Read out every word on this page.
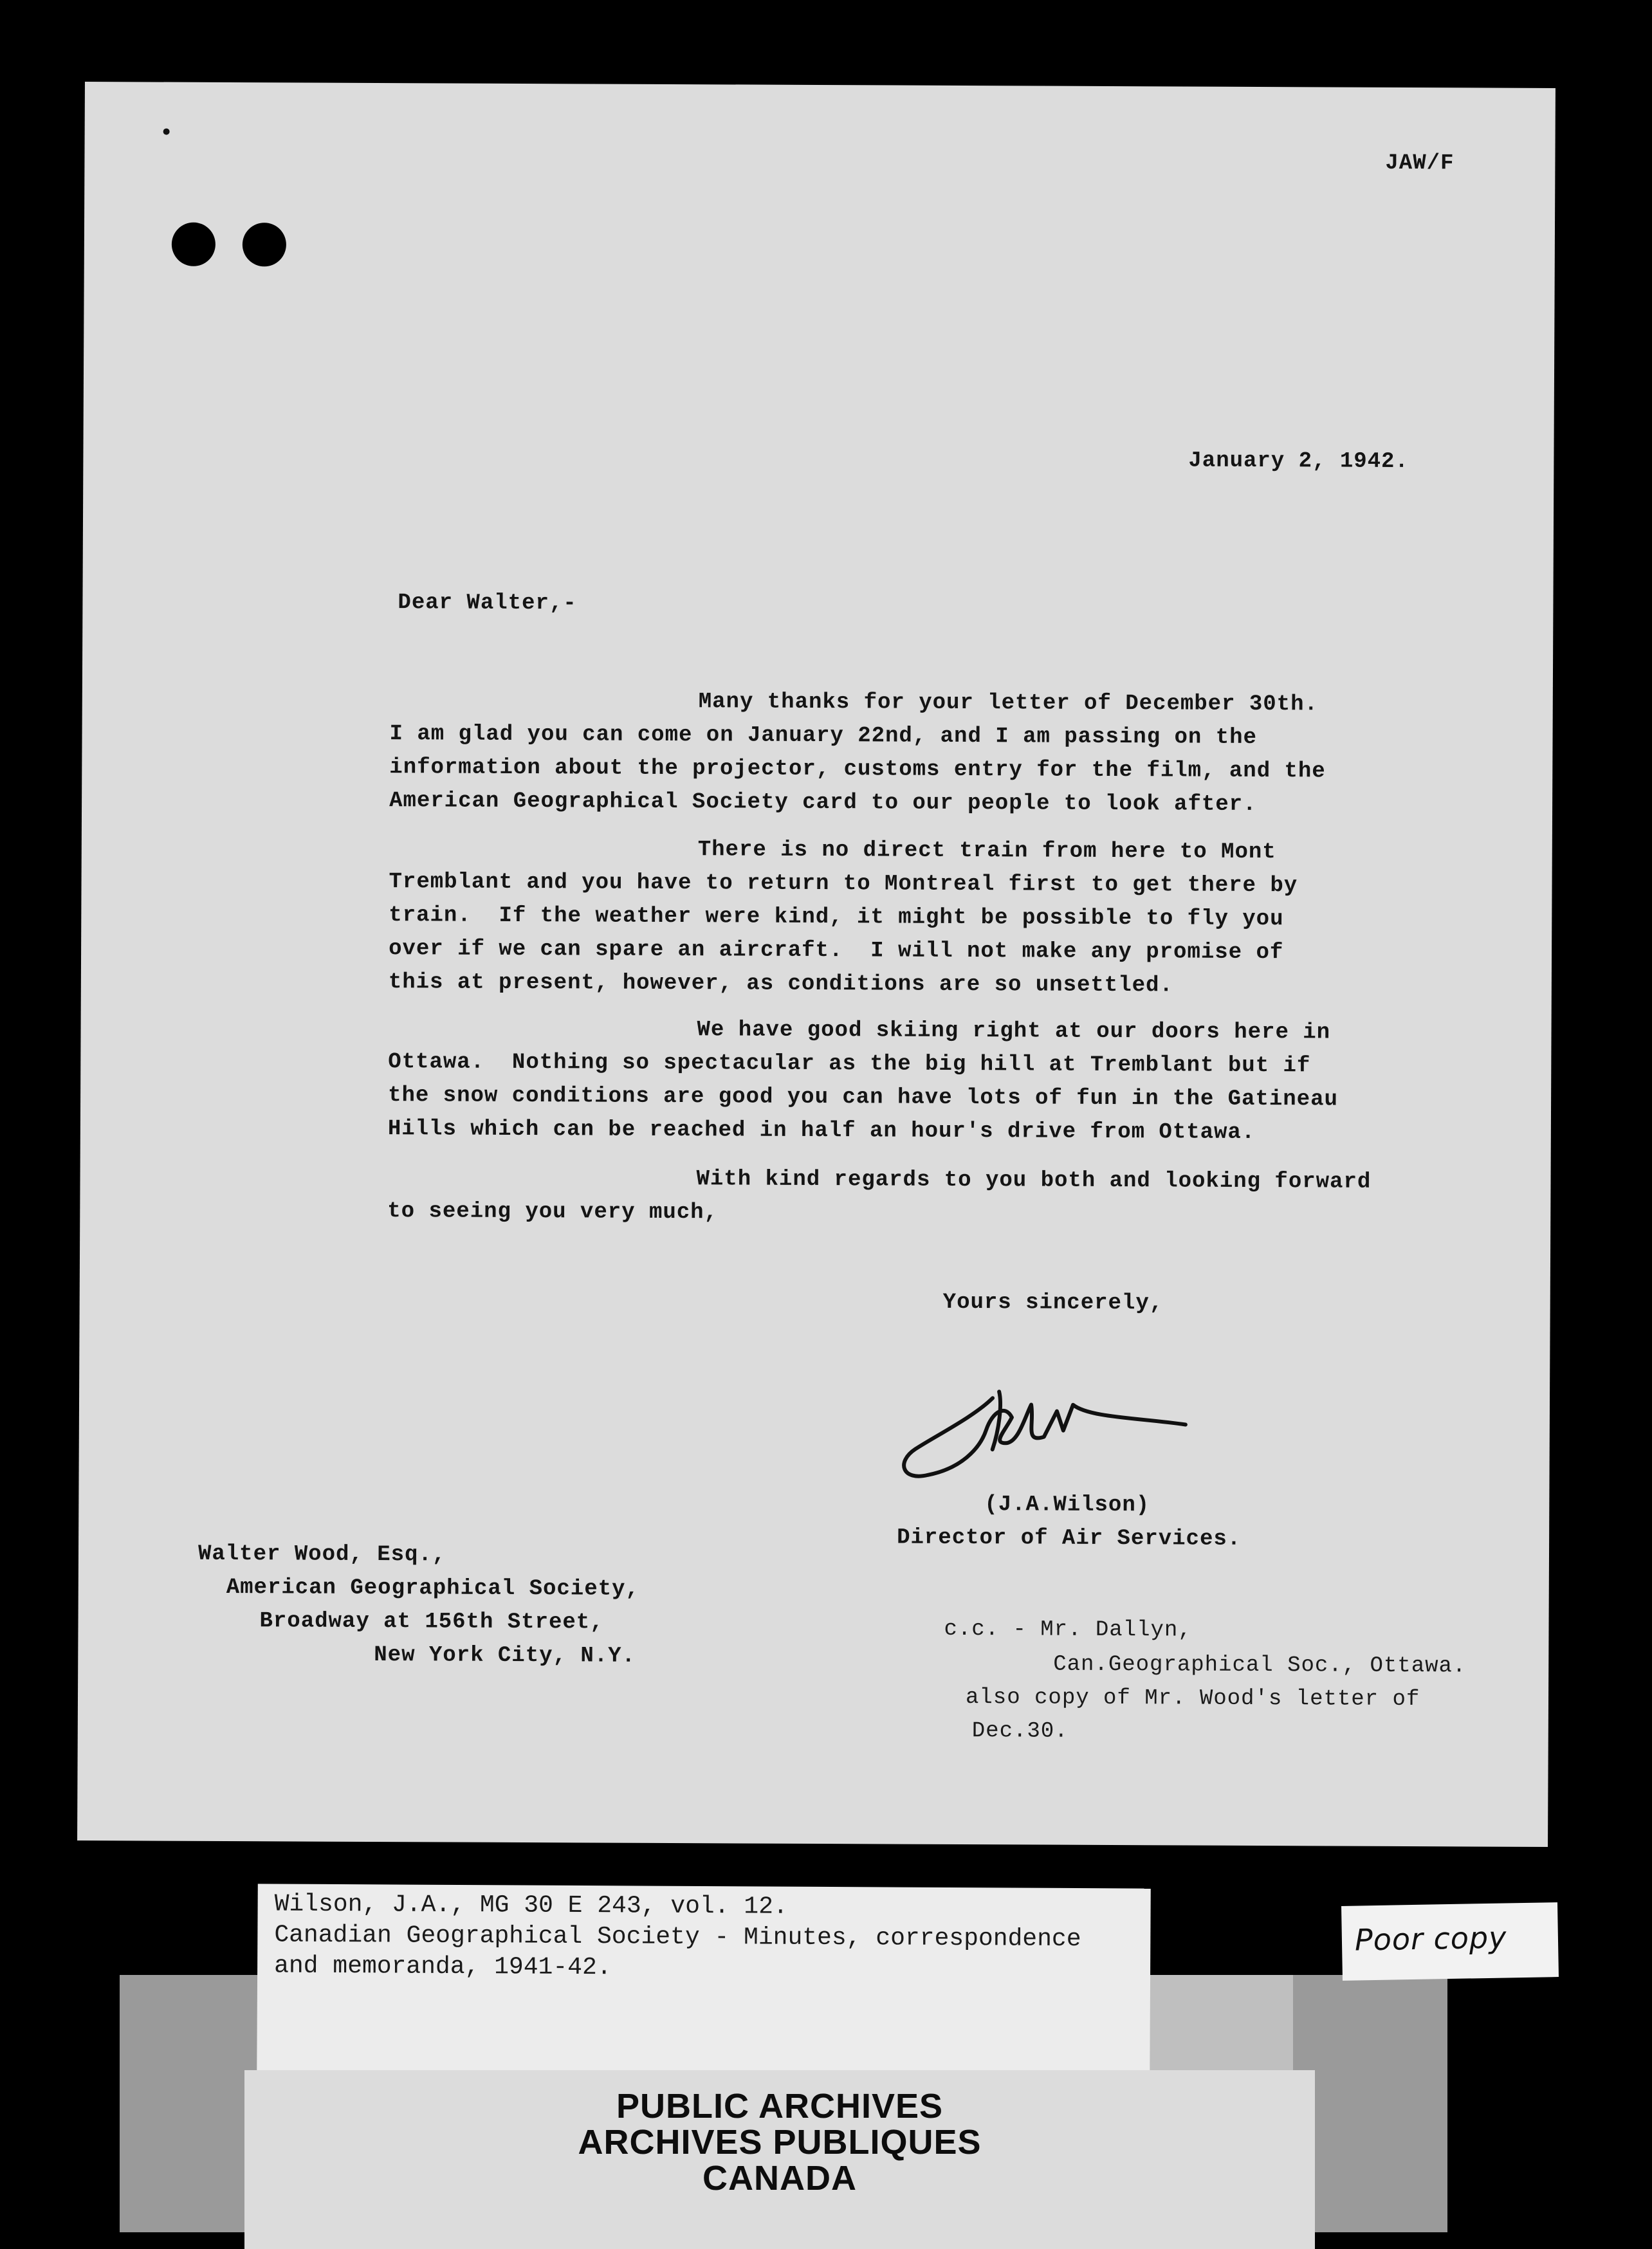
JAW/F
January 2, 1942.
Dear Walter,-
Many thanks for your letter of December 30th.
I am glad you can come on January 22nd, and I am passing on the
information about the projector, customs entry for the film, and the
American Geographical Society card to our people to look after.
There is no direct train from here to Mont
Tremblant and you have to return to Montreal first to get there by
train.  If the weather were kind, it might be possible to fly you
over if we can spare an aircraft.  I will not make any promise of
this at present, however, as conditions are so unsettled.
We have good skiing right at our doors here in
Ottawa.  Nothing so spectacular as the big hill at Tremblant but if
the snow conditions are good you can have lots of fun in the Gatineau
Hills which can be reached in half an hour's drive from Ottawa.
With kind regards to you both and looking forward
to seeing you very much,
Yours sincerely,
(J.A.Wilson)
Director of Air Services.
Walter Wood, Esq.,
American Geographical Society,
Broadway at 156th Street,
New York City, N.Y.
c.c. - Mr. Dallyn,
Can.Geographical Soc., Ottawa.
also copy of Mr. Wood's letter of
Dec.30.
Wilson, J.A., MG 30 E 243, vol. 12.
Canadian Geographical Society - Minutes, correspondence
and memoranda, 1941-42.
Poor copy
PUBLIC ARCHIVES
ARCHIVES PUBLIQUES
CANADA
